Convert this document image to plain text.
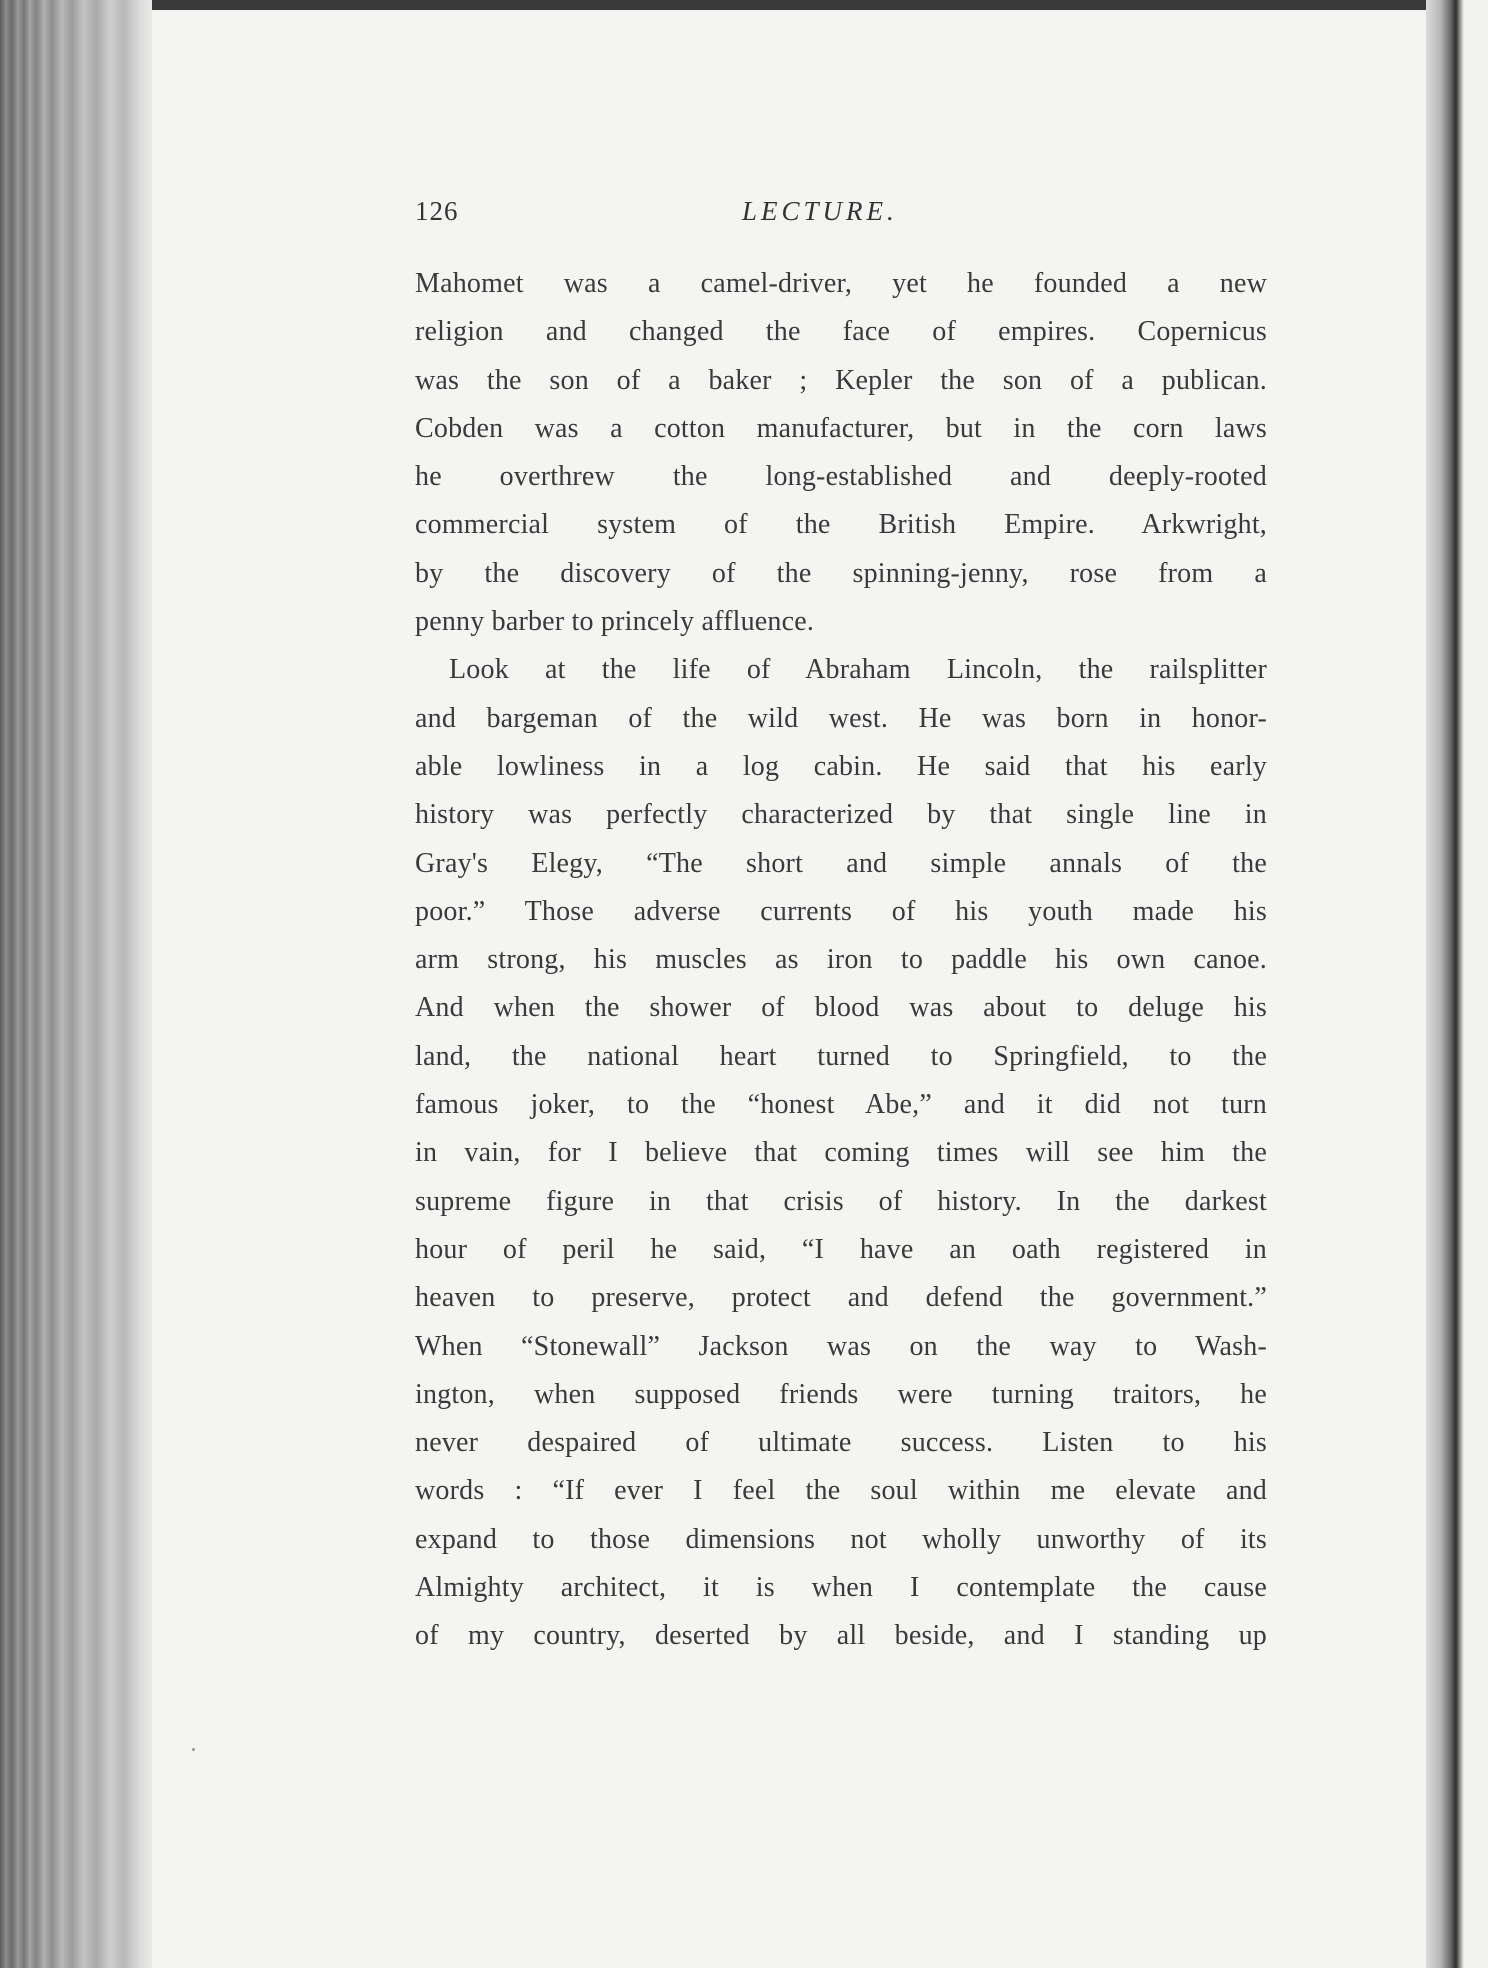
126	LECTURE.
Mahomet was a camel-driver, yet he founded a new
religion and changed the face of empires. Copernicus
was the son of a baker ; Kepler the son of a publican.
Cobden was a cotton manufacturer, but in the corn laws
he overthrew the long-established and deeply-rooted
commercial system of the British Empire. Arkwright,
by the discovery of the spinning-jenny, rose from a
penny barber to princely affluence.
Look at the life of Abraham Lincoln, the railsplitter
and bargeman of the wild west. He was born in honor-
able lowliness in a log cabin. He said that his early
history was perfectly characterized by that single line in
Gray's Elegy, “The short and simple annals of the
poor.” Those adverse currents of his youth made his
arm strong, his muscles as iron to paddle his own canoe.
And when the shower of blood was about to deluge his
land, the national heart turned to Springfield, to the
famous joker, to the “honest Abe,” and it did not turn
in vain, for I believe that coming times will see him the
supreme figure in that crisis of history. In the darkest
hour of peril he said, “I have an oath registered in
heaven to preserve, protect and defend the government.”
When “Stonewall” Jackson was on the way to Wash-
ington, when supposed friends were turning traitors, he
never despaired of ultimate success. Listen to his
words : “If ever I feel the soul within me elevate and
expand to those dimensions not wholly unworthy of its
Almighty architect, it is when I contemplate the cause
of my country, deserted by all beside, and I standing up
